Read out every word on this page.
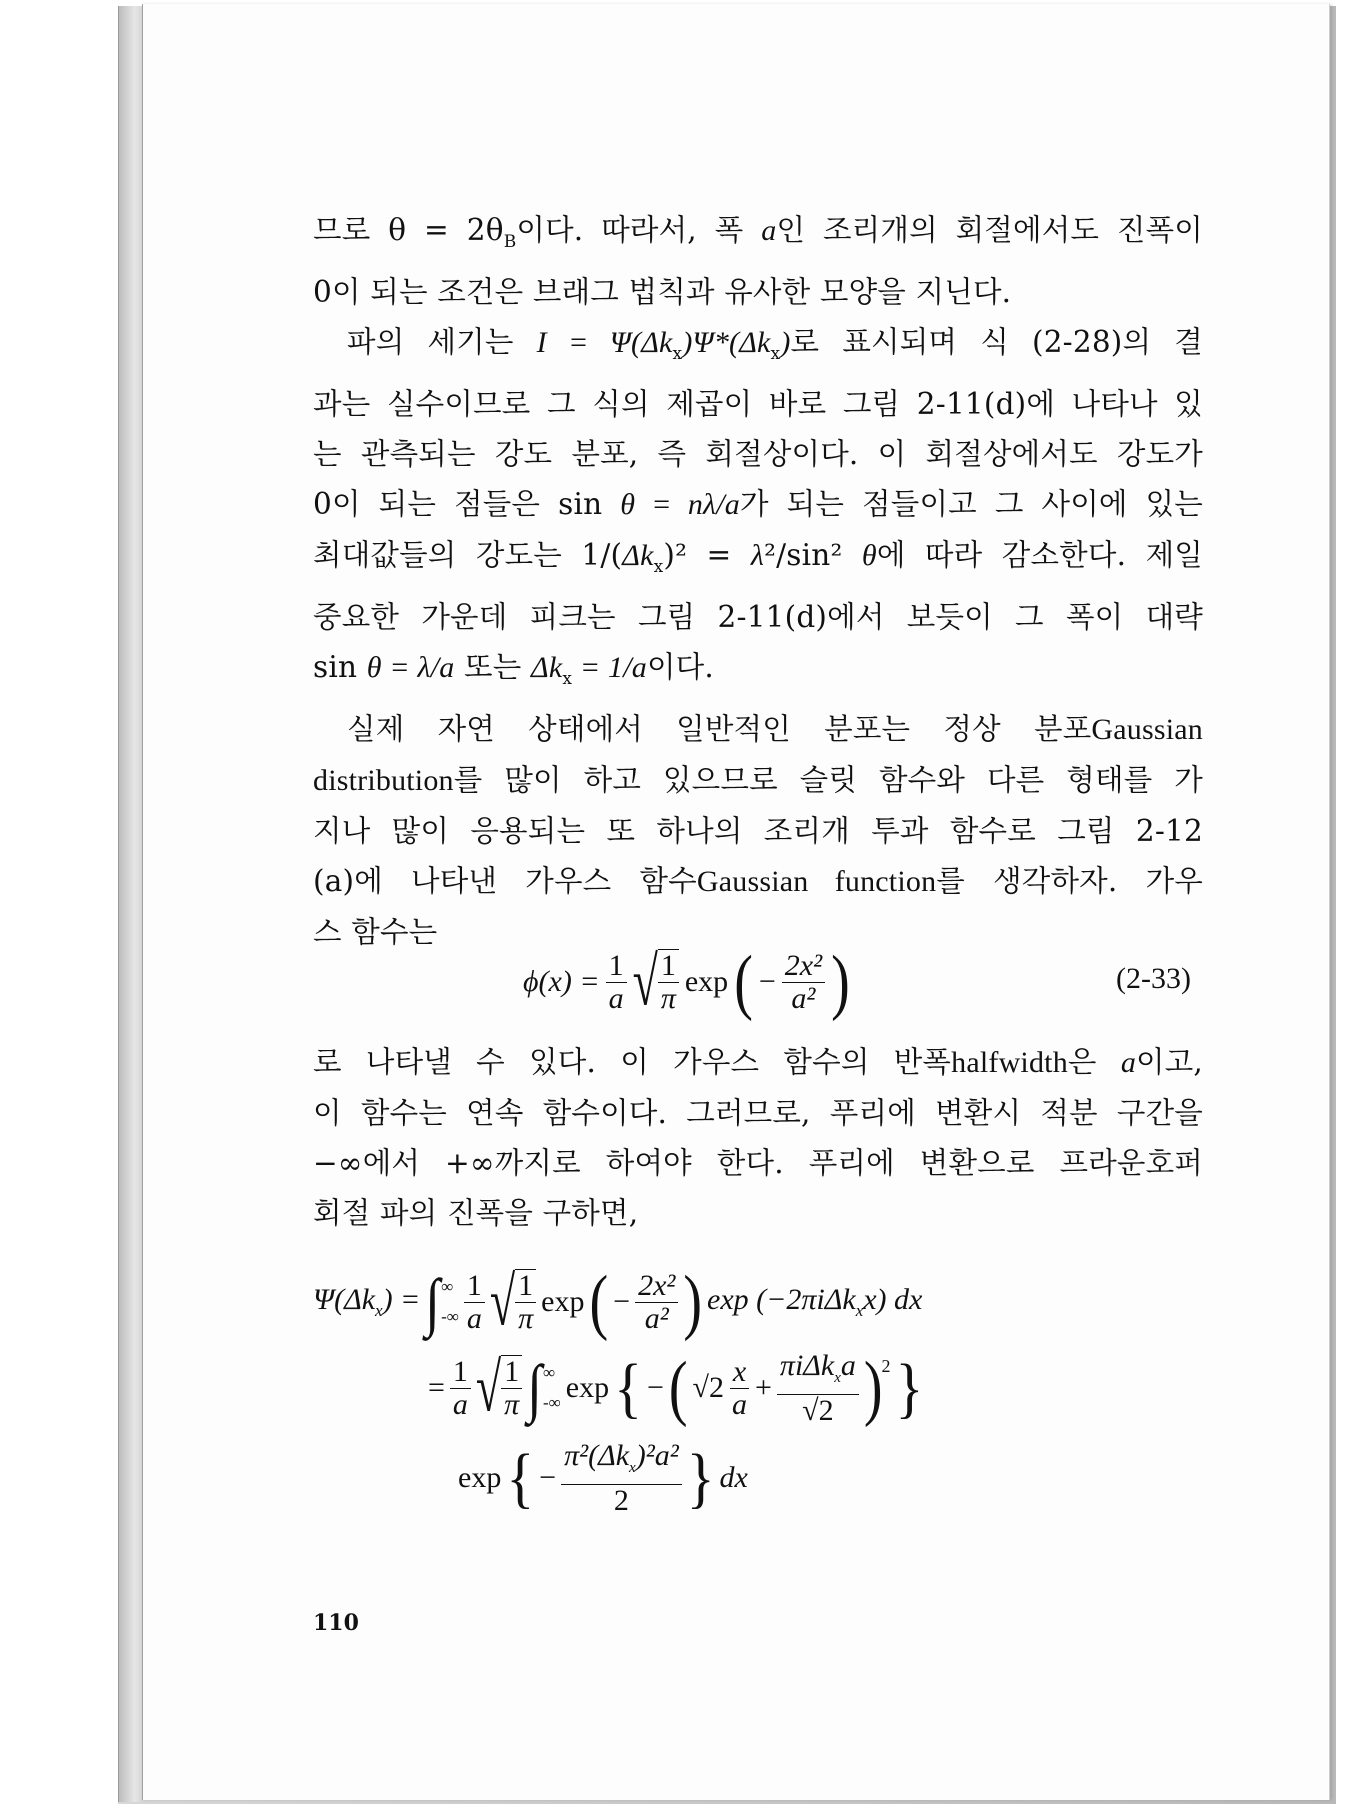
므로 $\theta = 2\theta_B$이다. 따라서, 폭 a인 조리개의 회절에서도 진폭이
0이 되는 조건은 브래그 법칙과 유사한 모양을 지닌다.
파의 세기는 $I = \Psi(\Delta k_x)\Psi*(\Delta k_x)$로 표시되며 식 (2-28)의 결
과는 실수이므로 그 식의 제곱이 바로 그림 2-11(d)에 나타나 있
는 관측되는 강도 분포, 즉 회절상이다. 이 회절상에서도 강도가
0이 되는 점들은 sin θ = nλ/a가 되는 점들이고 그 사이에 있는
최대값들의 강도는 $1/(\Delta k_x)^2 = \lambda^2/\sin^2$ θ에 따라 감소한다. 제일
중요한 가운데 피크는 그림 2-11(d)에서 보듯이 그 폭이 대략
sin θ = λ/a 또는 $\Delta k_x = 1/a$이다.
실제 자연 상태에서 일반적인 분포는 정상 분포Gaussian
distribution를 많이 하고 있으므로 슬릿 함수와 다른 형태를 가
지나 많이 응용되는 또 하나의 조리개 투과 함수로 그림 2-12
(a)에 나타낸 가우스 함수Gaussian function를 생각하자. 가우
스 함수는
$\phi(x) = \frac{1}{a}$ √ $\frac{1}{\pi}$ exp ( − $\frac{\text{2x²}}{\text{a²}}$ )	(2-33)
로 나타낼 수 있다. 이 가우스 함수의 반폭halfwidth은 a이고,
이 함수는 연속 함수이다. 그러므로, 푸리에 변환시 적분 구간을
−∞에서 +∞까지로 하여야 한다. 푸리에 변환으로 프라운호퍼
회절 파의 진폭을 구하면,
$\Psi(\Delta k_x)$ = ∫ ∞
-∞ $\frac{1}{a}$ √ $\frac{1}{\pi}$ exp ( − $\frac{\text{2x²}}{\text{a²}}$ ) exp (−2πiΔk$_x$x) dx
= $\frac{1}{a}$ √ $\frac{1}{\pi}$ ∫ ∞
-∞ exp { − ( $√2 \frac{x}{a} + \frac{\pi i\Delta k_xa}{√2} )^2$ }
exp { − $\frac{\pi^2(\Delta k_x)^2a^2}{2}$ } dx
110
